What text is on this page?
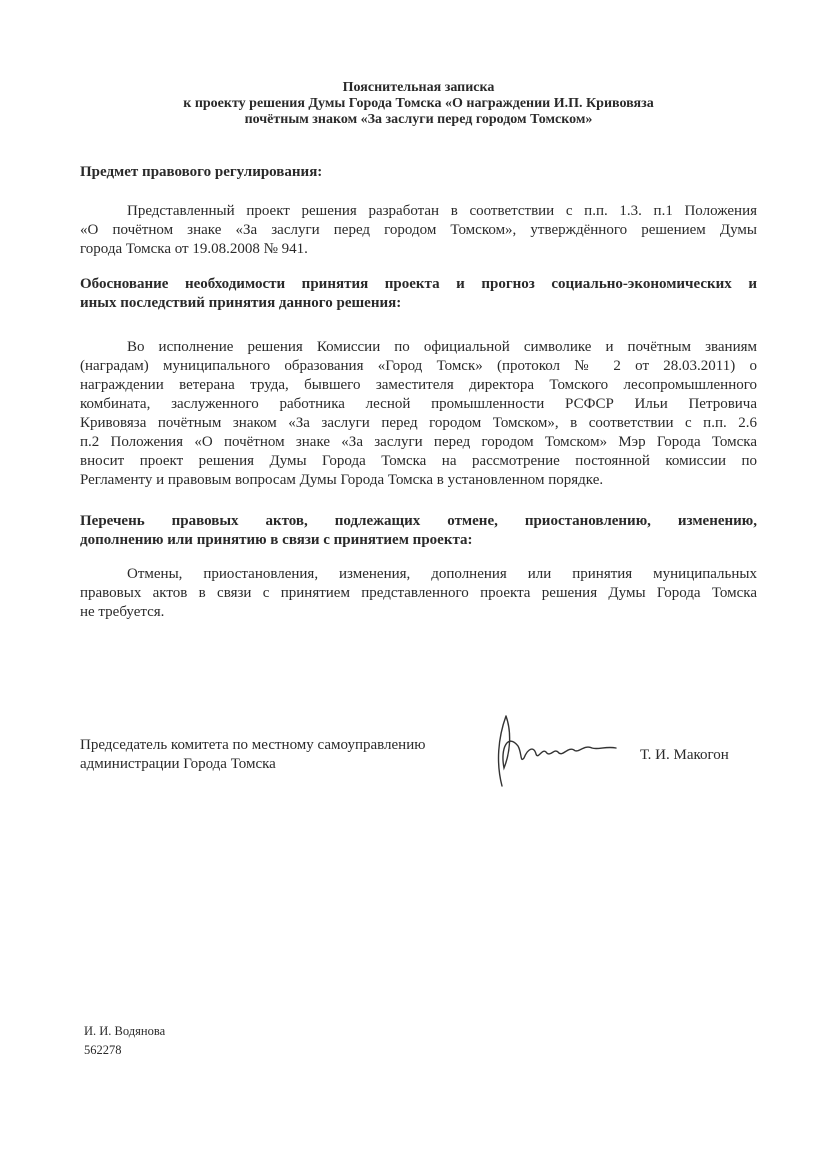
Пояснительная записка
к проекту решения Думы Города Томска «О награждении И.П. Кривовяза
почётным знаком «За заслуги перед городом Томском»
Предмет правового регулирования:
Представленный проект решения разработан в соответствии с п.п. 1.3. п.1 Положения
«О почётном знаке «За заслуги перед городом Томском», утверждённого решением Думы
города Томска от 19.08.2008 № 941.
Обоснование необходимости принятия проекта и прогноз социально-экономических и
иных последствий принятия данного решения:
Во исполнение решения Комиссии по официальной символике и почётным званиям
(наградам) муниципального образования «Город Томск» (протокол № 2 от 28.03.2011) о
награждении ветерана труда, бывшего заместителя директора Томского лесопромышленного
комбината, заслуженного работника лесной промышленности РСФСР Ильи Петровича
Кривовяза почётным знаком «За заслуги перед городом Томском», в соответствии с п.п. 2.6
п.2 Положения «О почётном знаке «За заслуги перед городом Томском» Мэр Города Томска
вносит проект решения Думы Города Томска на рассмотрение постоянной комиссии по
Регламенту и правовым вопросам Думы Города Томска в установленном порядке.
Перечень правовых актов, подлежащих отмене, приостановлению, изменению,
дополнению или принятию в связи с принятием проекта:
Отмены, приостановления, изменения, дополнения или принятия муниципальных
правовых актов в связи с принятием представленного проекта решения Думы Города Томска
не требуется.
Председатель комитета по местному самоуправлению
администрации Города Томска
Т. И. Макогон
И. И. Водянова
562278
